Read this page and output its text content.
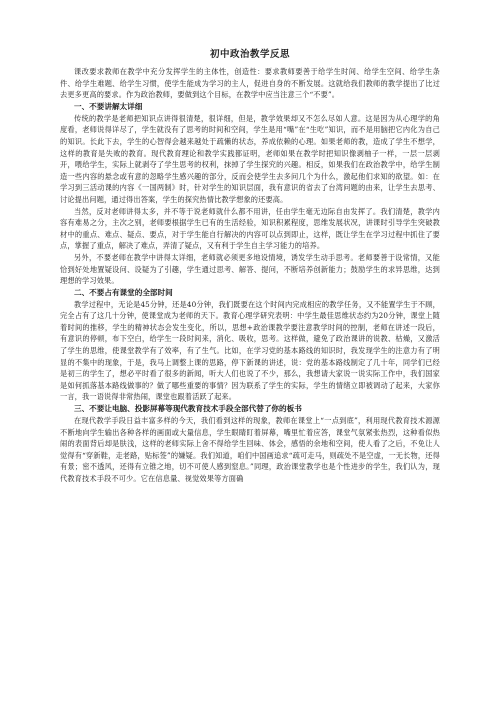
初中政治教学反思

课改要求教师在教学中充分发挥学生的主体性，创造性：要求教师要善于给学生时间、给学生空间、给学生条件、给学生难题、给学生习惯，使学生能成为学习的主人，促进自身的不断发展。这就给我们教师的教学提出了比过去更多更高的要求。作为政治教师，要做到这个目标，在教学中应当注意三个“不要”。

一、不要讲解太详细

传统的教学是老师把知识点讲得很清楚，很详细，但是，教学效果却又不怎么尽如人意。这是因为从心理学的角度看，老师说得详尽了，学生就没有了思考的时间和空间，学生是用“嘴”在“生吃”知识，而不是用脑把它内化为自己的知识。长此下去，学生的心智得会越来越处于疏懒的状态，养成依赖的心理。如果老师的教，造成了学生不想学，这样的教育是失败的教育。现代教育理论和教学实践都证明，老师如果在教学时把知识像剥柚子一样，一层一层剥开，喂给学生，实际上就剥夺了学生思考的权利，抹掉了学生探究的兴趣。相反，如果我们在政治教学中，给学生制造一些内容的悬念或有意的忽略学生感兴趣的部分，反而会使学生去多问几个为什么，激起他们求知的欲望。如：在学习到三活动课的内容《一国两制》时，针对学生的知识层面，我有意识的省去了台湾问题的由来，让学生去思考、讨论提出问题，通过得出答案，学生的探究热情比教学想象的还要高。

当然，反对老师讲得太多，并不等于说老师就什么都不用讲，任由学生毫无边际自由发挥了。我们清楚，教学内容有难易之分，主次之别，老师要根据学生已有的生活经验，知识积累程度，思维发展状况，讲课时引导学生突破教材中的重点、难点、疑点、要点，对于学生能自行解决的内容可以点到即止，这样，既让学生在学习过程中抓住了要点，掌握了重点，解决了难点，弄清了疑点，又有利于学生自主学习能力的培养。

另外，不要老师在教学中讲得太详细，老师就必须更多地设情境，诱发学生动手思考。老师要善于设常情，又能恰到好处地置疑设问、设疑为了引趣，学生通过思考、解答、提问，不断培养创新能力；鼓励学生的求异思维，达到理想的学习效果。

二、不要占有课堂的全部时间

教学过程中，无论是45分钟，还是40分钟，我们既要在这个时间内完成相应的教学任务，又不能置学生于不顾，完全占有了这几十分钟，使课堂成为老师的天下。教育心理学研究表明：中学生最佳思维状态约为20分钟，课堂上随着时间的推移，学生的精神状态会发生变化，所以，思想+政治课教学要注意教学时间的控制，老师在讲述一段后，有意识的停顿，布下空白，给学生一段时间来，消化、吸收，思考。这样做，避免了政治课讲的说教、枯燥，又激活了学生的思维，使课堂教学有了效率，有了生气。比如，在学习党的基本路线的知识时，我发现学生的注意力有了明显的不集中的现象，于是，我马上调整上课的思路，停下新课的讲述，说：党的基本路线制定了几十年，同学们已经是初三的学生了，想必平时看了很多的新闻，听大人们也说了不少，那么，我想请大家说一说实际工作中，我们国家是如何抓落基本路线做事的？做了哪些重要的事情？因为联系了学生的实际，学生的情绪立即被调动了起来，大家你一言，我一语说得非常热闹，课堂也跟着活跃了起来。

三、不要让电脑、投影屏幕等现代教育技术手段全部代替了你的板书

在现代教学手段日益丰富多样的今天，我们看到这样的现象，教师在课堂上“一点到底”，利用现代教育技术源源不断地向学生输出各种各样的画面或大量信息，学生眼睛盯着屏幕，嘴里忙着应答，课堂气氛紧张热烈，这种看似热闹的表面背后却是肤浅，这样的老师实际上舍不得给学生回味、体会，感悟的余地和空间，使人看了之后，不免让人觉得有“穿新鞋，走老路，贴标签”的嫌疑。我们知道，咱们中国画追求“疏可走马，则疏处不是空虚，一无长物，还得有景；密不透风，还得有立锥之地，切不可使人感到窒息。”同理，政治课堂教学也是个性进步的学生，我们认为，现代教育技术手段不可少。它在信息量、视觉效果等方面确
